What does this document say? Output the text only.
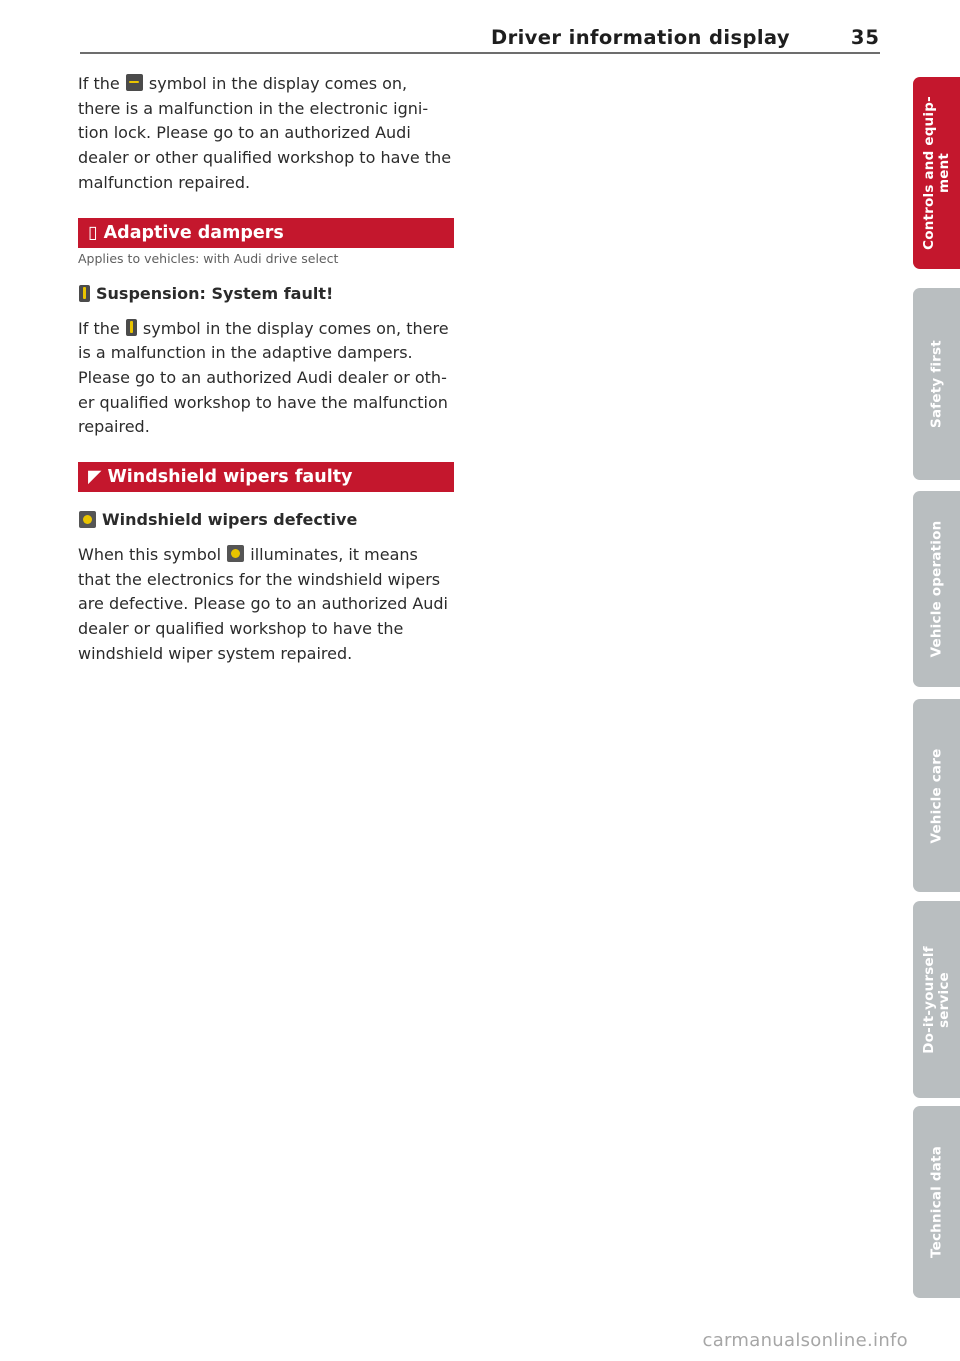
Driver information display	35

If the symbol in the display comes on, there is a malfunction in the electronic igni- tion lock. Please go to an authorized Audi dealer or other qualified workshop to have the malfunction repaired.

▯ Adaptive dampers

Applies to vehicles: with Audi drive select

Suspension: System fault!

If the symbol in the display comes on, there is a malfunction in the adaptive dampers. Please go to an authorized Audi dealer or oth- er qualified workshop to have the malfunction repaired.

◤ Windshield wipers faulty

Windshield wipers defective

When this symbol illuminates, it means that the electronics for the windshield wipers are defective. Please go to an authorized Audi dealer or qualified workshop to have the windshield wiper system repaired.

Controls and equip-
ment
Safety first
Vehicle operation
Vehicle care
Do-it-yourself
service
Technical data
carmanualsonline.info
